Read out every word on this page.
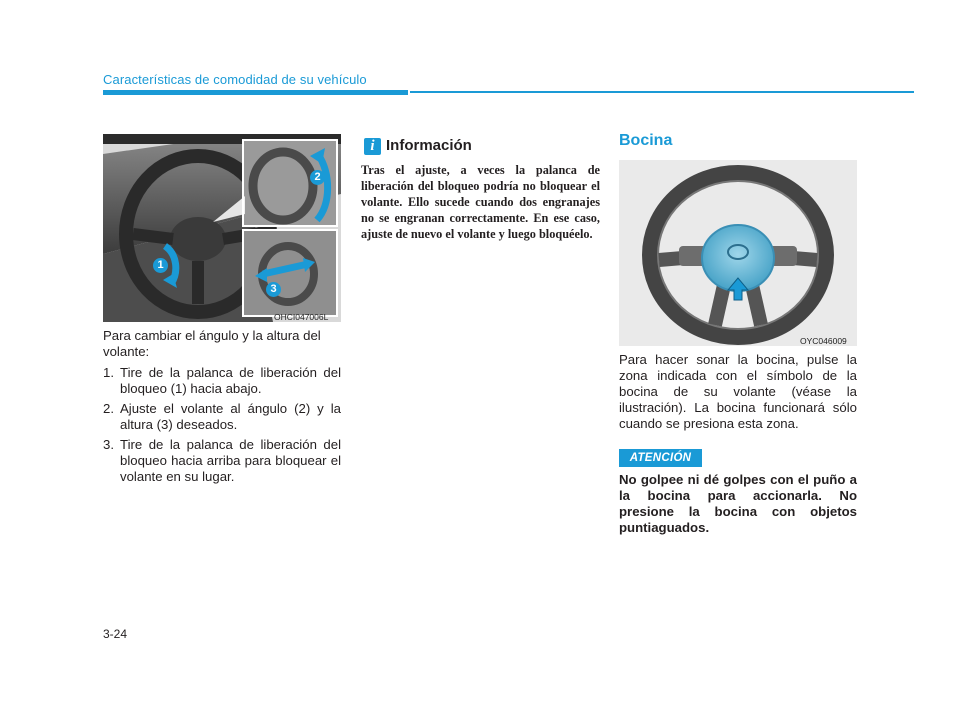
Características de comodidad de su vehículo
1
2
3
OHCI047006L
Para cambiar el ángulo y la altura del volante:
1. Tire de la palanca de liberación del bloqueo (1) hacia abajo.
2. Ajuste el volante al ángulo (2) y la altura (3) deseados.
3. Tire de la palanca de liberación del bloqueo hacia arriba para bloquear el volante en su lugar.
i Información
Tras el ajuste, a veces la palanca de liberación del bloqueo podría no bloquear el volante. Ello sucede cuando dos engranajes no se engranan correctamente. En ese caso, ajuste de nuevo el volante y luego bloquéelo.
Bocina
OYC046009
Para hacer sonar la bocina, pulse la zona indicada con el símbolo de la bocina de su volante (véase la ilustración). La bocina funcionará sólo cuando se presiona esta zona.
ATENCIÓN
No golpee ni dé golpes con el puño a la bocina para accionarla. No presione la bocina con objetos puntiaguados.
3-24
